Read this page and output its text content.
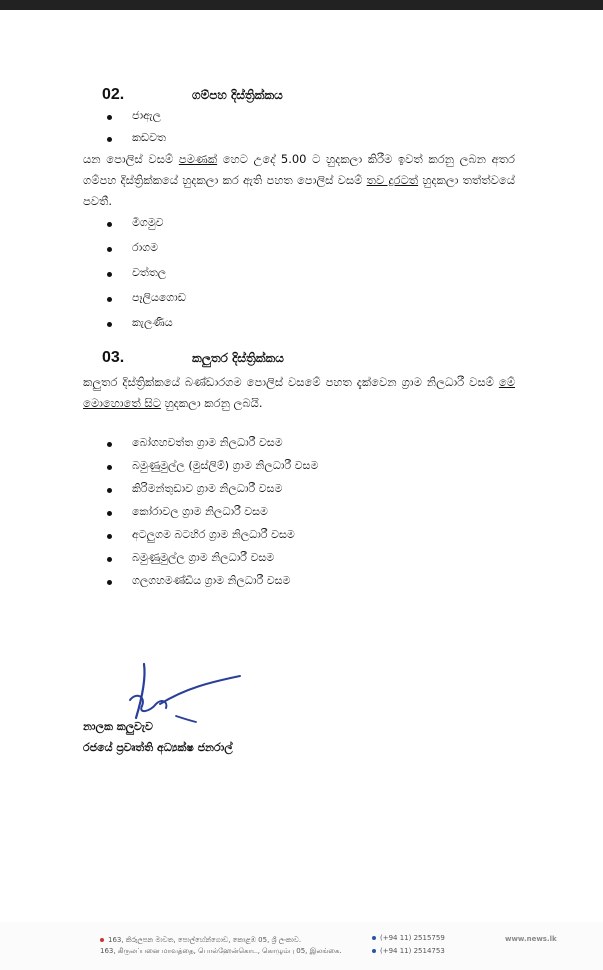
02.	ගම්පහ දිස්ත්‍රික්කය
ජාඇල
කඩවත

යන පොලිස් වසම් පමණක් හෙට උදේ 5.00 ට හුදකලා කිරීම ඉවත් කරනු ලබන අතර ගම්පහ දිස්ත්‍රික්කයේ හුදකලා කර ඇති පහත පොලිස් වසම් තව දුරටත් හුදකලා තත්ත්වයේ පවතී.

මීගමුව
රාගම
වත්තල
පෑලියගොඩ
කැලණිය
03.	කලුතර දිස්ත්‍රික්කය

කලුතර දිස්ත්‍රික්කයේ බණ්ඩාරගම පොලිස් වසමේ පහත දැක්වෙන ග්‍රාම නිලධාරී වසම් මේ මොහොතේ සිට හුදකලා කරනු ලබයි.

බෝගහවත්ත ග්‍රාම නිලධාරී වසම
බමුණුමුල්ල (මුස්ලිම්) ග්‍රාම නිලධාරී වසම
කිරිමන්තුඩාව ග්‍රාම නිලධාරී වසම
කෝරාවල ග්‍රාම නිලධාරී වසම
අටලුගම බටහිර ග්‍රාම නිලධාරී වසම
බමුණුමුල්ල ග්‍රාම නිලධාරී වසම
ගලගහමණ්ඩිය ග්‍රාම නිලධාරී වසම
නාලක කලුවැව
රජයේ ප්‍රවෘත්ති අධ්‍යක්ෂ ජනරාල්
163, කිරුලපන මාවත, පොල්හේන්ගොඩ, කොළඹ 05, ශ්‍රී ලංකාව.
163, கிருலப்பனை மாவத்தை, பொல்ஹேன்கொட, கொழும்பு 05, இலங்கை.
(+94 11) 2515759
(+94 11) 2514753
www.news.lk
